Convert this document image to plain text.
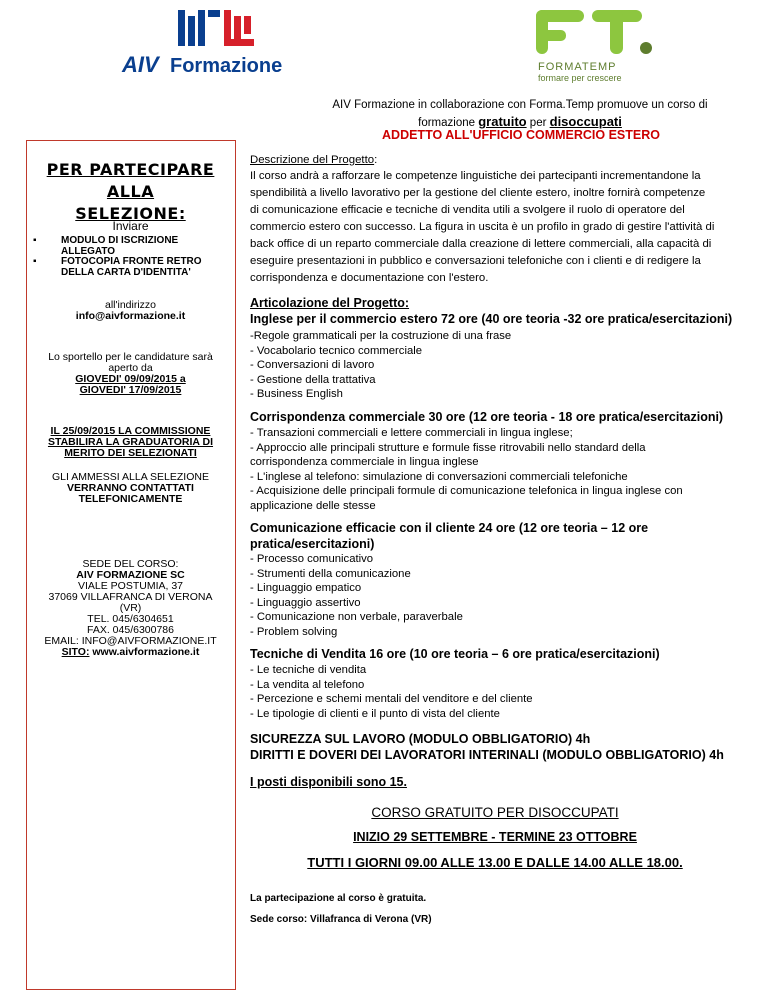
AIV Formazione	FORMATEMP
formare per crescere
AIV Formazione in collaborazione con Forma.Temp promuove un corso di
formazione gratuito per disoccupati
ADDETTO ALL'UFFICIO COMMERCIO ESTERO
PER PARTECIPARE ALLA
SELEZIONE:
Inviare
▪	MODULO DI ISCRIZIONE
ALLEGATO
▪	FOTOCOPIA FRONTE RETRO
DELLA CARTA D'IDENTITA'
all'indirizzo
info@aivformazione.it
Lo sportello per le candidature sarà
aperto da
GIOVEDI' 09/09/2015 a
GIOVEDI' 17/09/2015
IL 25/09/2015 LA COMMISSIONE
STABILIRA LA GRADUATORIA DI
MERITO DEI SELEZIONATI
GLI AMMESSI ALLA SELEZIONE
VERRANNO CONTATTATI
TELEFONICAMENTE
SEDE DEL CORSO:
AIV FORMAZIONE SC
VIALE POSTUMIA, 37
37069 VILLAFRANCA DI VERONA
(VR)
TEL. 045/6304651
FAX. 045/6300786
EMAIL: INFO@AIVFORMAZIONE.IT
SITO: www.aivformazione.it
Descrizione del Progetto:
Il corso andrà a rafforzare le competenze linguistiche dei partecipanti incrementandone la
spendibilità a livello lavorativo per la gestione del cliente estero, inoltre fornirà competenze
di comunicazione efficacie e tecniche di vendita utili a svolgere il ruolo di operatore del
commercio estero con successo. La figura in uscita è un profilo in grado di gestire l'attività di
back office di un reparto commerciale dalla creazione di lettere commerciali, alla capacità di
eseguire presentazioni in pubblico e conversazioni telefoniche con i clienti e di redigere la
corrispondenza e documentazione con l'estero.
Articolazione del Progetto:
Inglese per il commercio estero 72 ore (40 ore teoria -32 ore pratica/esercitazioni)
-Regole grammaticali per la costruzione di una frase
- Vocabolario tecnico commerciale
- Conversazioni di lavoro
- Gestione della trattativa
- Business English
Corrispondenza commerciale 30 ore (12 ore teoria - 18 ore pratica/esercitazioni)
- Transazioni commerciali e lettere commerciali in lingua inglese;
- Approccio alle principali strutture e formule fisse ritrovabili nello standard della
corrispondenza commerciale in lingua inglese
- L'inglese al telefono: simulazione di conversazioni commerciali telefoniche
- Acquisizione delle principali formule di comunicazione telefonica in lingua inglese con
applicazione delle stesse
Comunicazione efficacie con il cliente 24 ore (12 ore teoria – 12 ore
pratica/esercitazioni)
- Processo comunicativo
- Strumenti della comunicazione
- Linguaggio empatico
- Linguaggio assertivo
- Comunicazione non verbale, paraverbale
- Problem solving
Tecniche di Vendita 16 ore (10 ore teoria – 6 ore pratica/esercitazioni)
- Le tecniche di vendita
- La vendita al telefono
- Percezione e schemi mentali del venditore e del cliente
- Le tipologie di clienti e il punto di vista del cliente
SICUREZZA SUL LAVORO (MODULO OBBLIGATORIO) 4h
DIRITTI E DOVERI DEI LAVORATORI INTERINALI (MODULO OBBLIGATORIO) 4h
I posti disponibili sono 15.
CORSO GRATUITO PER DISOCCUPATI
INIZIO 29 SETTEMBRE - TERMINE 23 OTTOBRE
TUTTI I GIORNI 09.00 ALLE 13.00 E DALLE 14.00 ALLE 18.00.
La partecipazione al corso è gratuita.
Sede corso: Villafranca di Verona (VR)
